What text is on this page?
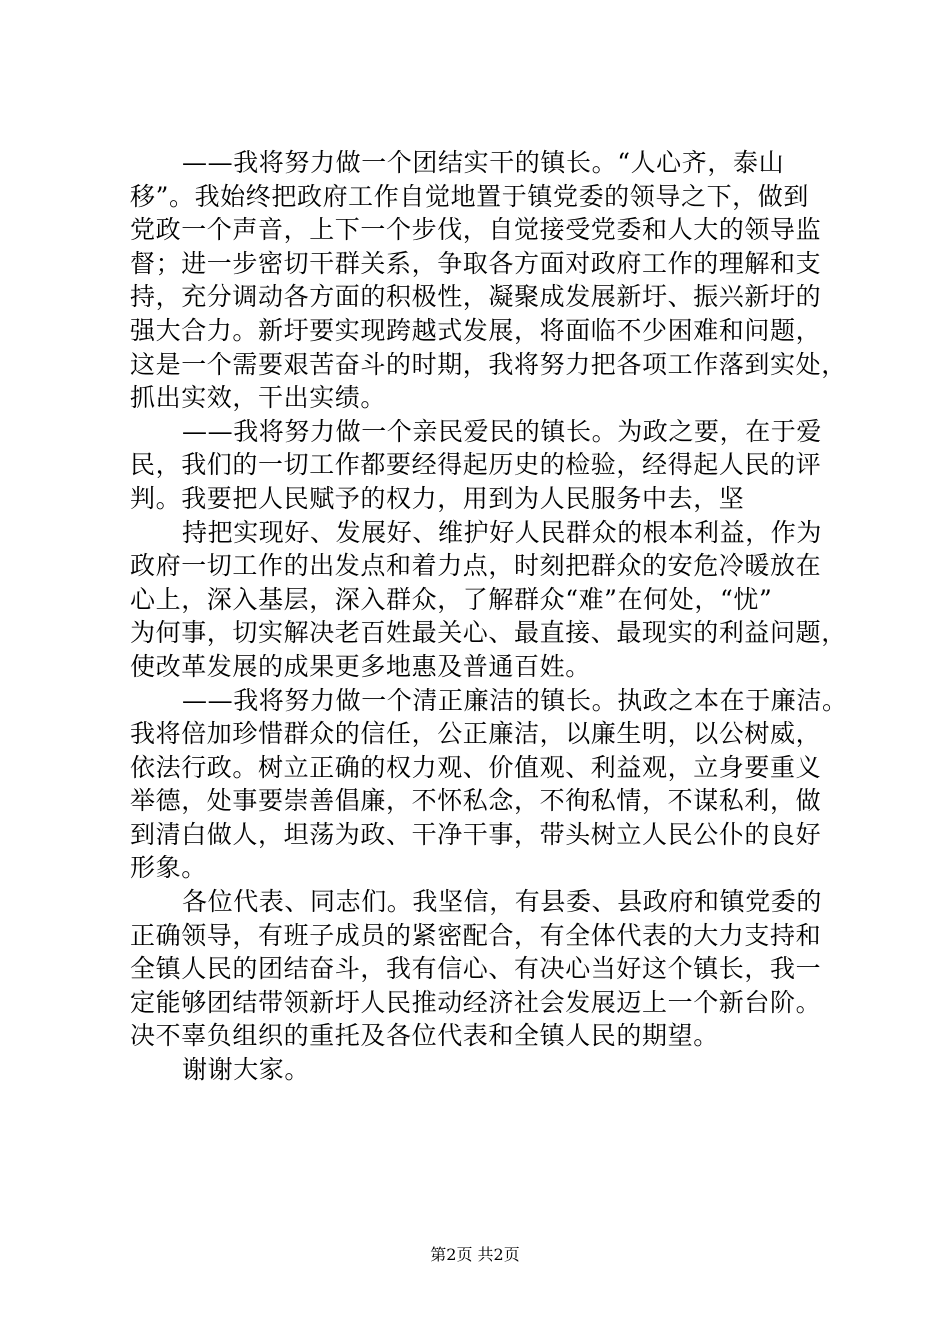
——我将努力做一个团结实干的镇长。“人心齐，泰山
移”。我始终把政府工作自觉地置于镇党委的领导之下，做到
党政一个声音，上下一个步伐，自觉接受党委和人大的领导监
督；进一步密切干群关系，争取各方面对政府工作的理解和支
持，充分调动各方面的积极性，凝聚成发展新圩、振兴新圩的
强大合力。新圩要实现跨越式发展，将面临不少困难和问题，
这是一个需要艰苦奋斗的时期，我将努力把各项工作落到实处，
抓出实效，干出实绩。
——我将努力做一个亲民爱民的镇长。为政之要，在于爱
民，我们的一切工作都要经得起历史的检验，经得起人民的评
判。我要把人民赋予的权力，用到为人民服务中去，坚
持把实现好、发展好、维护好人民群众的根本利益，作为
政府一切工作的出发点和着力点，时刻把群众的安危冷暖放在
心上，深入基层，深入群众，了解群众“难”在何处，“忧”
为何事，切实解决老百姓最关心、最直接、最现实的利益问题，
使改革发展的成果更多地惠及普通百姓。
——我将努力做一个清正廉洁的镇长。执政之本在于廉洁。
我将倍加珍惜群众的信任，公正廉洁，以廉生明，以公树威，
依法行政。树立正确的权力观、价值观、利益观，立身要重义
举德，处事要崇善倡廉，不怀私念，不徇私情，不谋私利，做
到清白做人，坦荡为政、干净干事，带头树立人民公仆的良好
形象。
各位代表、同志们。我坚信，有县委、县政府和镇党委的
正确领导，有班子成员的紧密配合，有全体代表的大力支持和
全镇人民的团结奋斗，我有信心、有决心当好这个镇长，我一
定能够团结带领新圩人民推动经济社会发展迈上一个新台阶。
决不辜负组织的重托及各位代表和全镇人民的期望。
谢谢大家。
第2页 共2页
